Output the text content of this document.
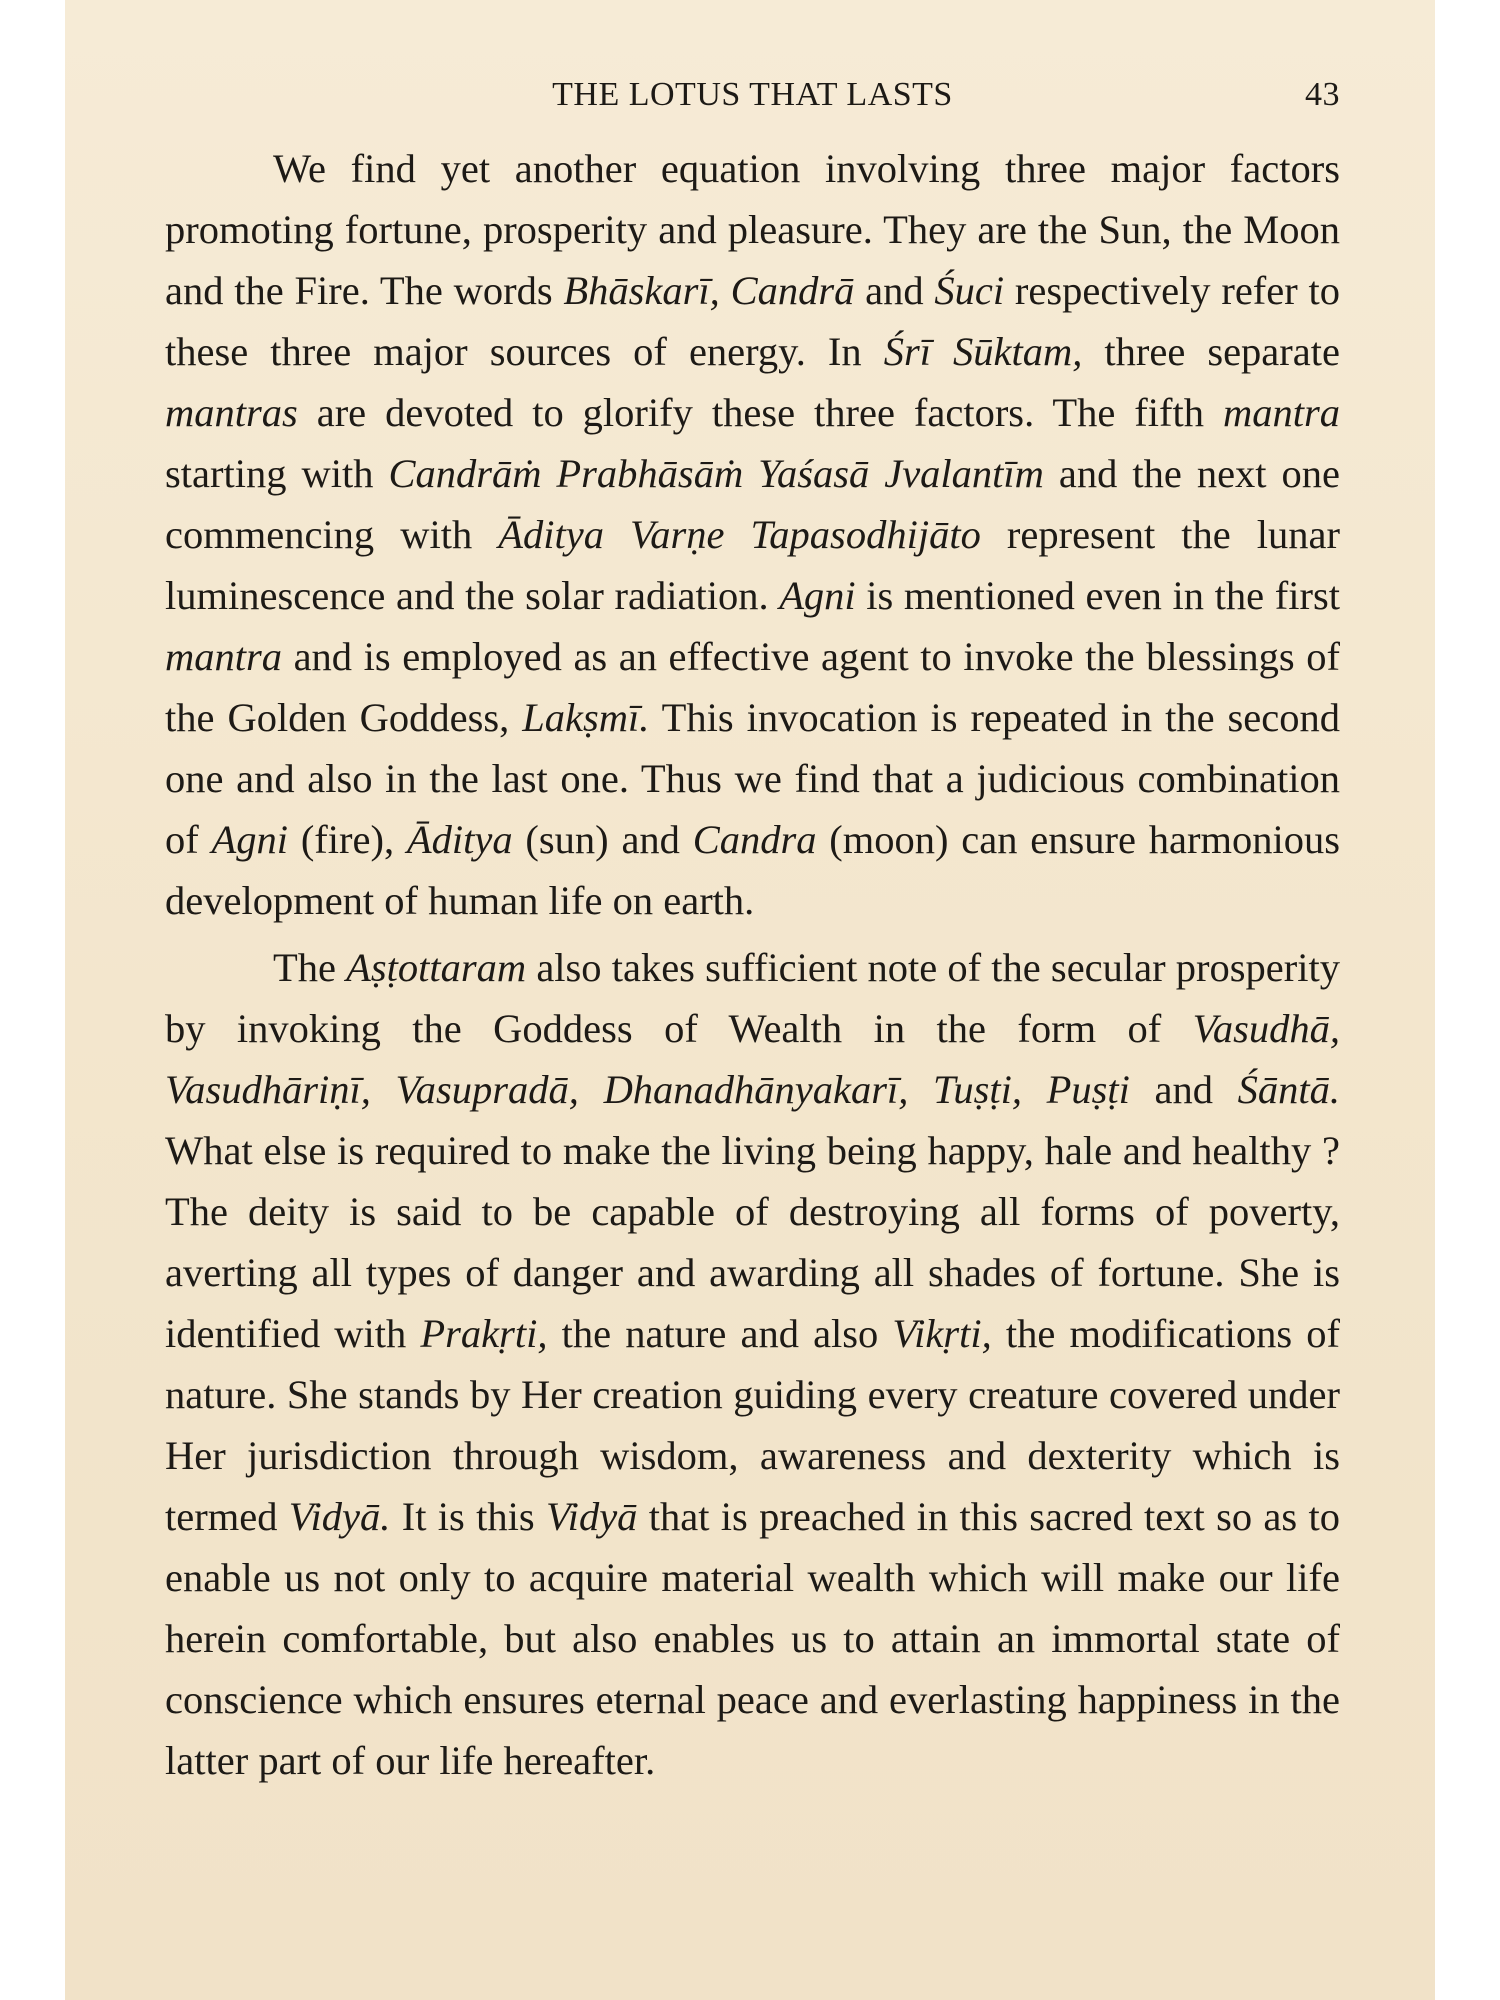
THE LOTUS THAT LASTS	43

We find yet another equation involving three major factors promoting fortune, prosperity and pleasure. They are the Sun, the Moon and the Fire. The words Bhāskarī, Candrā and Śuci respectively refer to these three major sources of energy. In Śrī Sūktam, three separate mantras are devoted to glorify these three factors. The fifth mantra starting with Candrāṁ Prabhāsāṁ Yaśasā Jvalantīm and the next one commencing with Āditya Varṇe Tapasodhijāto represent the lunar luminescence and the solar radiation. Agni is mentioned even in the first mantra and is employed as an effective agent to invoke the blessings of the Golden Goddess, Lakṣmī. This invocation is repeated in the second one and also in the last one. Thus we find that a judicious combination of Agni (fire), Āditya (sun) and Candra (moon) can ensure harmonious development of human life on earth.

The Aṣṭottaram also takes sufficient note of the secular prosperity by invoking the Goddess of Wealth in the form of Vasudhā, Vasudhāriṇī, Vasupradā, Dhanadhānyakarī, Tuṣṭi, Puṣṭi and Śāntā. What else is required to make the living being happy, hale and healthy ? The deity is said to be capable of destroying all forms of poverty, averting all types of danger and awarding all shades of fortune. She is identified with Prakṛti, the nature and also Vikṛti, the modifications of nature. She stands by Her creation guiding every creature covered under Her jurisdiction through wisdom, awareness and dexterity which is termed Vidyā. It is this Vidyā that is preached in this sacred text so as to enable us not only to acquire material wealth which will make our life herein comfortable, but also enables us to attain an immortal state of conscience which ensures eternal peace and everlasting happiness in the latter part of our life hereafter.
